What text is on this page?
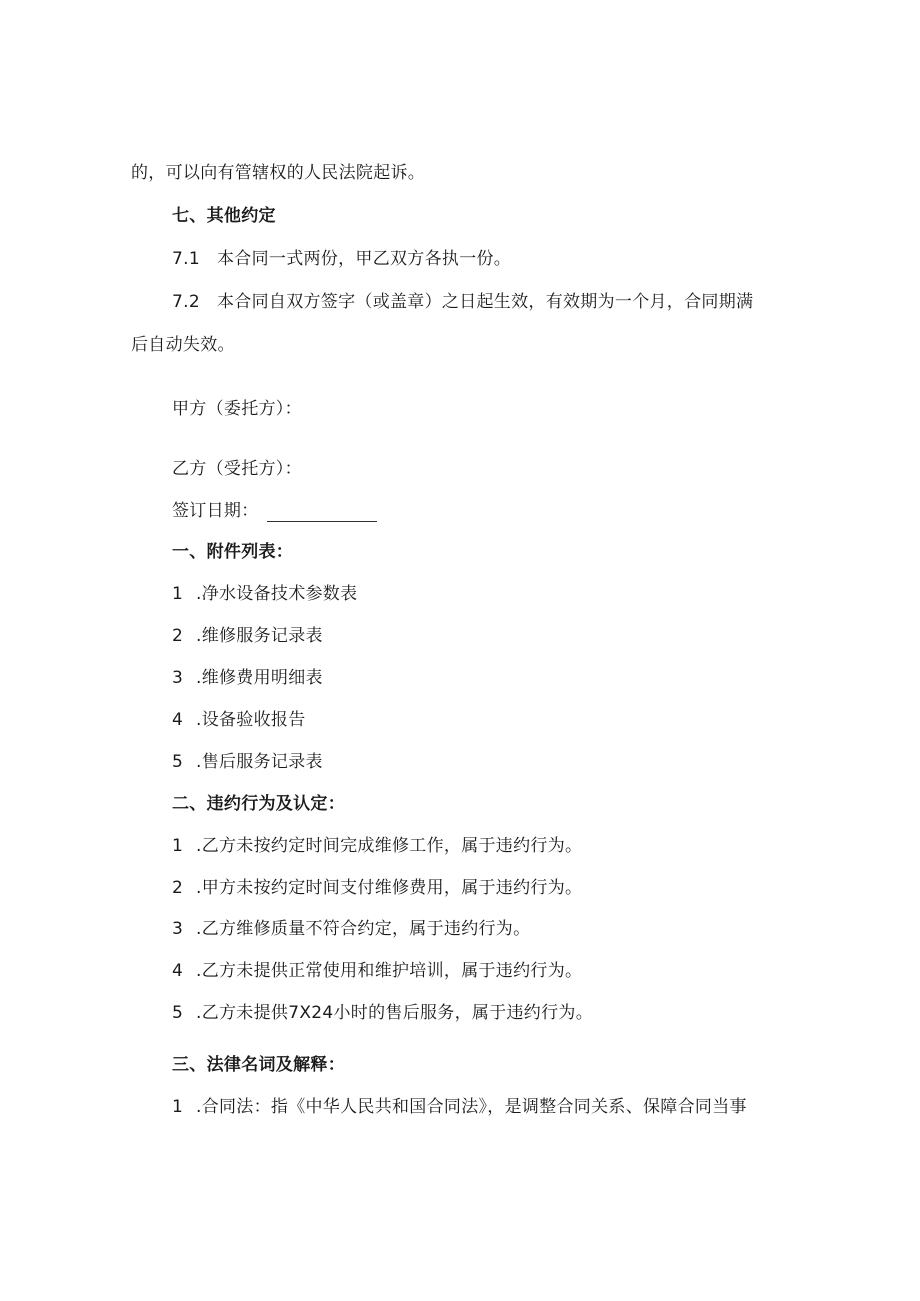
的，可以向有管辖权的人民法院起诉。
七、其他约定
7.1 本合同一式两份，甲乙双方各执一份。
7.2 本合同自双方签字（或盖章）之日起生效，有效期为一个月，合同期满
后自动失效。
甲方（委托方）：
乙方（受托方）：
签订日期：
一、附件列表：
1 .净水设备技术参数表
2 .维修服务记录表
3 .维修费用明细表
4 .设备验收报告
5 .售后服务记录表
二、违约行为及认定：
1 .乙方未按约定时间完成维修工作，属于违约行为。
2 .甲方未按约定时间支付维修费用，属于违约行为。
3 .乙方维修质量不符合约定，属于违约行为。
4 .乙方未提供正常使用和维护培训，属于违约行为。
5 .乙方未提供7X24小时的售后服务，属于违约行为。
三、法律名词及解释：
1 .合同法：指《中华人民共和国合同法》，是调整合同关系、保障合同当事
